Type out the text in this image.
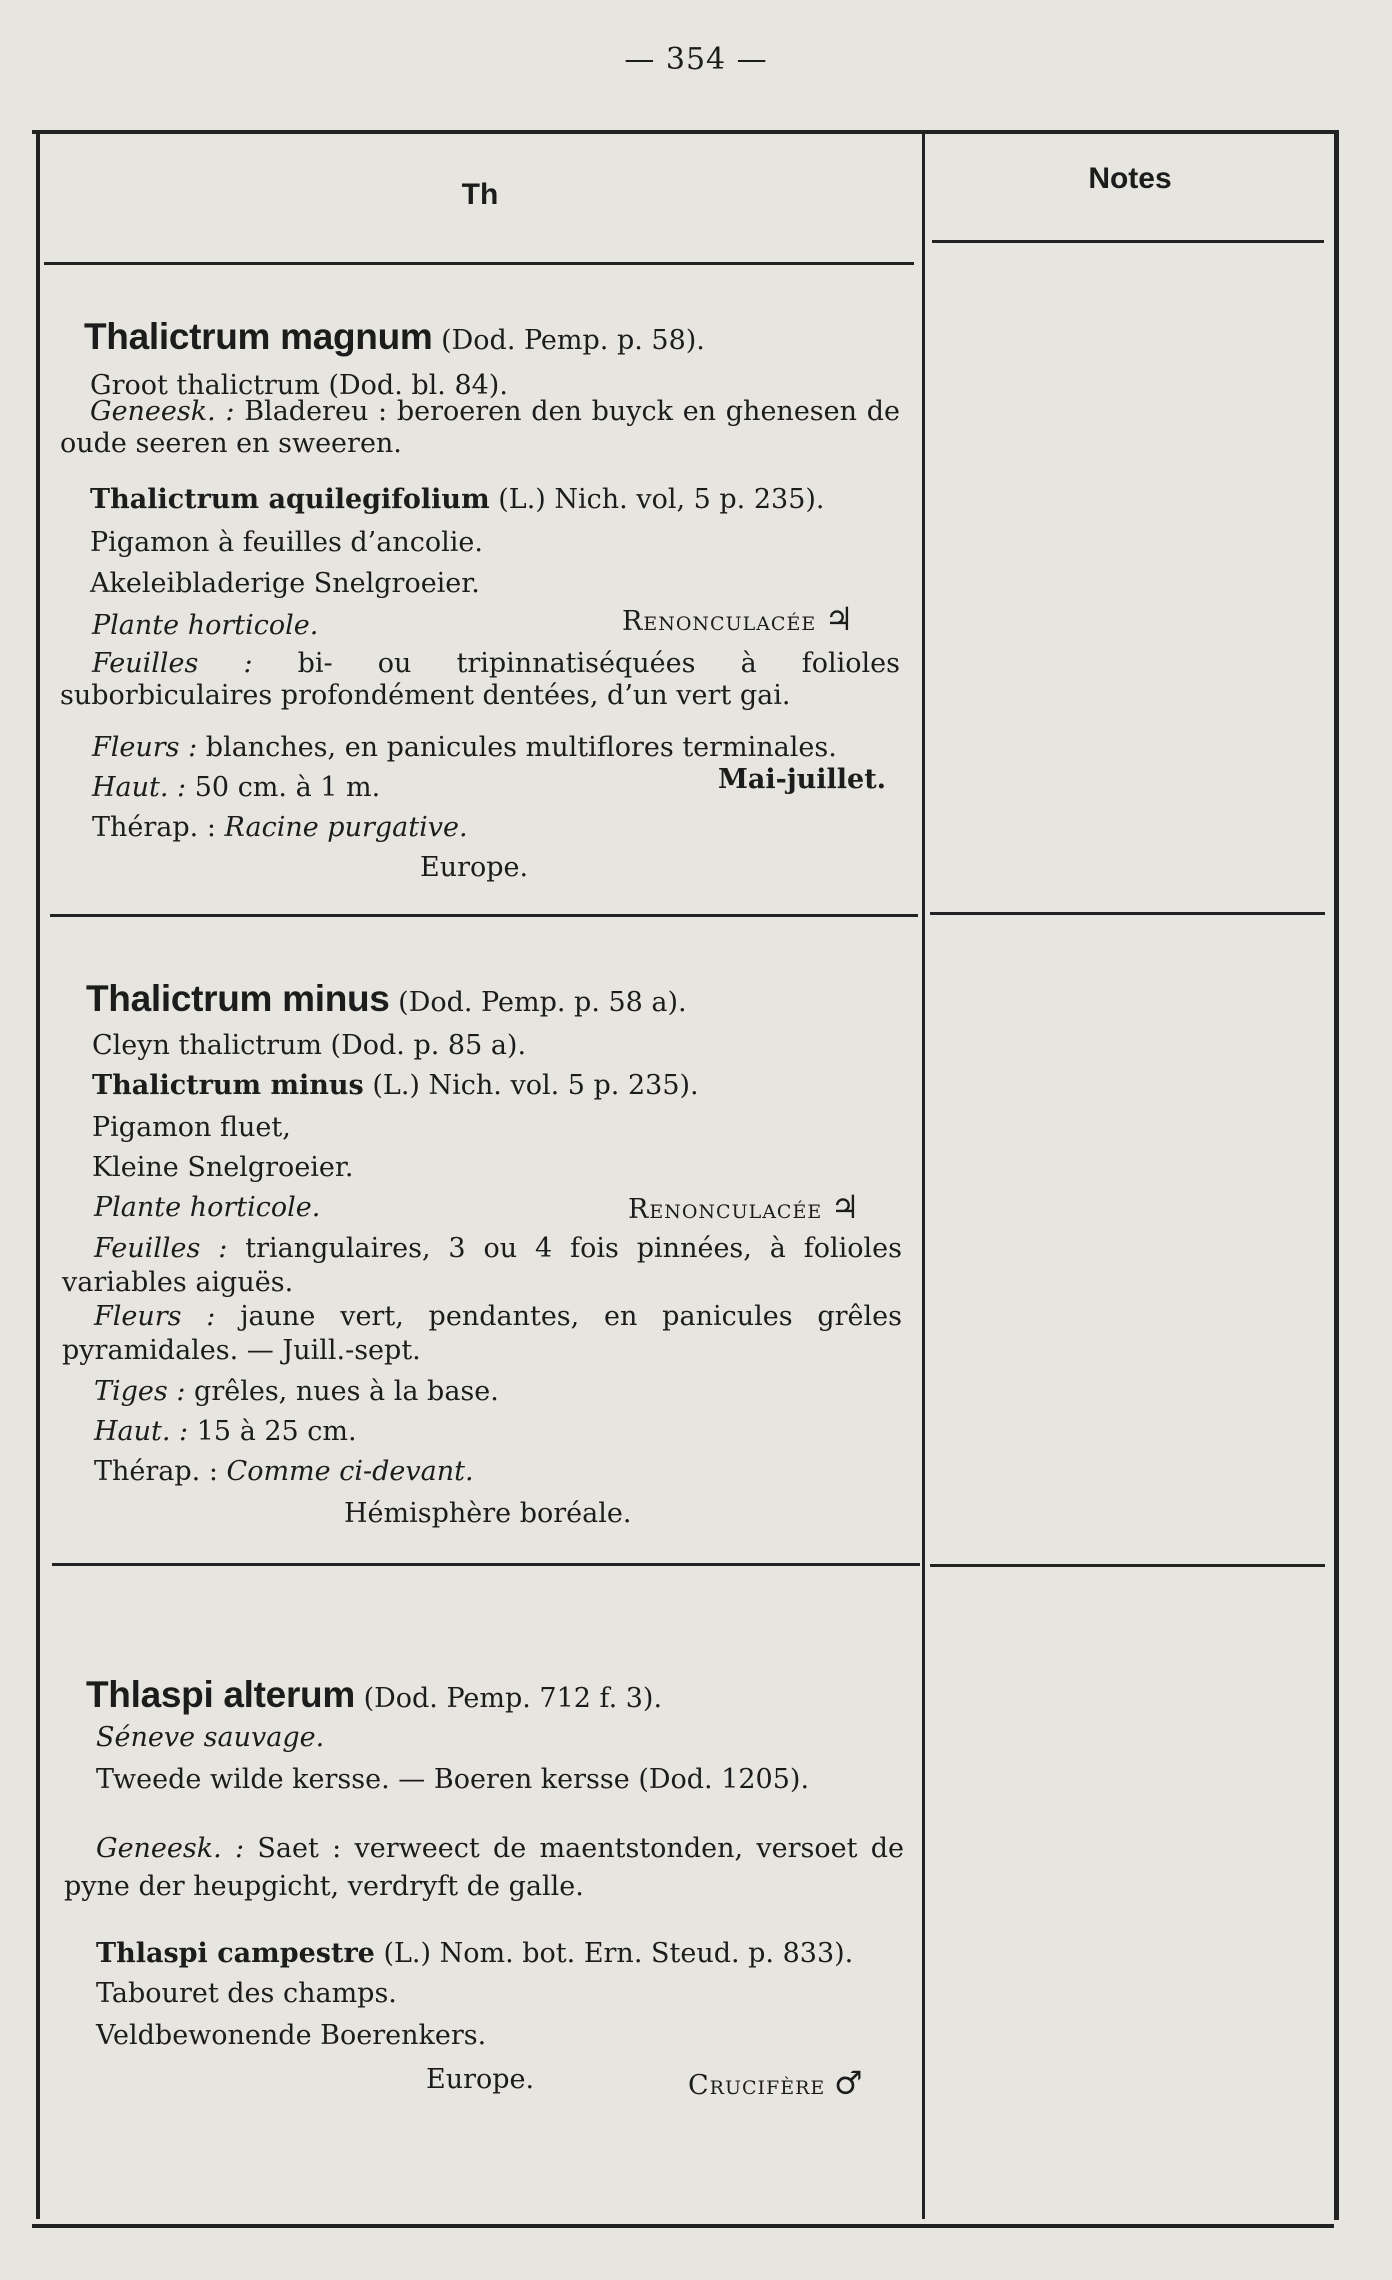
— 354 —
Th	Notes
Thalictrum magnum (Dod. Pemp. p. 58).
Groot thalictrum (Dod. bl. 84).
Geneesk. : Bladereu : beroeren den buyck en ghenesen de oude seeren en sweeren.
Thalictrum aquilegifolium (L.) Nich. vol, 5 p. 235).
Pigamon à feuilles d’ancolie.
Akeleibladerige Snelgroeier.
Plante horticole.	Renonculacée ♃
Feuilles : bi- ou tripinnatiséquées à folioles suborbiculaires profondément dentées, d’un vert gai.
Fleurs : blanches, en panicules multiflores terminales.
Haut. : 50 cm. à 1 m.	Mai-juillet.
Thérap. : Racine purgative.
Europe.
Thalictrum minus (Dod. Pemp. p. 58 a).
Cleyn thalictrum (Dod. p. 85 a).
Thalictrum minus (L.) Nich. vol. 5 p. 235).
Pigamon fluet,
Kleine Snelgroeier.
Plante horticole.	Renonculacée ♃
Feuilles : triangulaires, 3 ou 4 fois pinnées, à folioles variables aiguës.
Fleurs : jaune vert, pendantes, en panicules grêles pyramidales. — Juill.-sept.
Tiges : grêles, nues à la base.
Haut. : 15 à 25 cm.
Thérap. : Comme ci-devant.
Hémisphère boréale.
Thlaspi alterum (Dod. Pemp. 712 f. 3).
Séneve sauvage.
Tweede wilde kersse. — Boeren kersse (Dod. 1205).
Geneesk. : Saet : verweect de maentstonden, versoet de pyne der heupgicht, verdryft de galle.
Thlaspi campestre (L.) Nom. bot. Ern. Steud. p. 833).
Tabouret des champs.
Veldbewonende Boerenkers.
Europe.	Crucifère ♂
